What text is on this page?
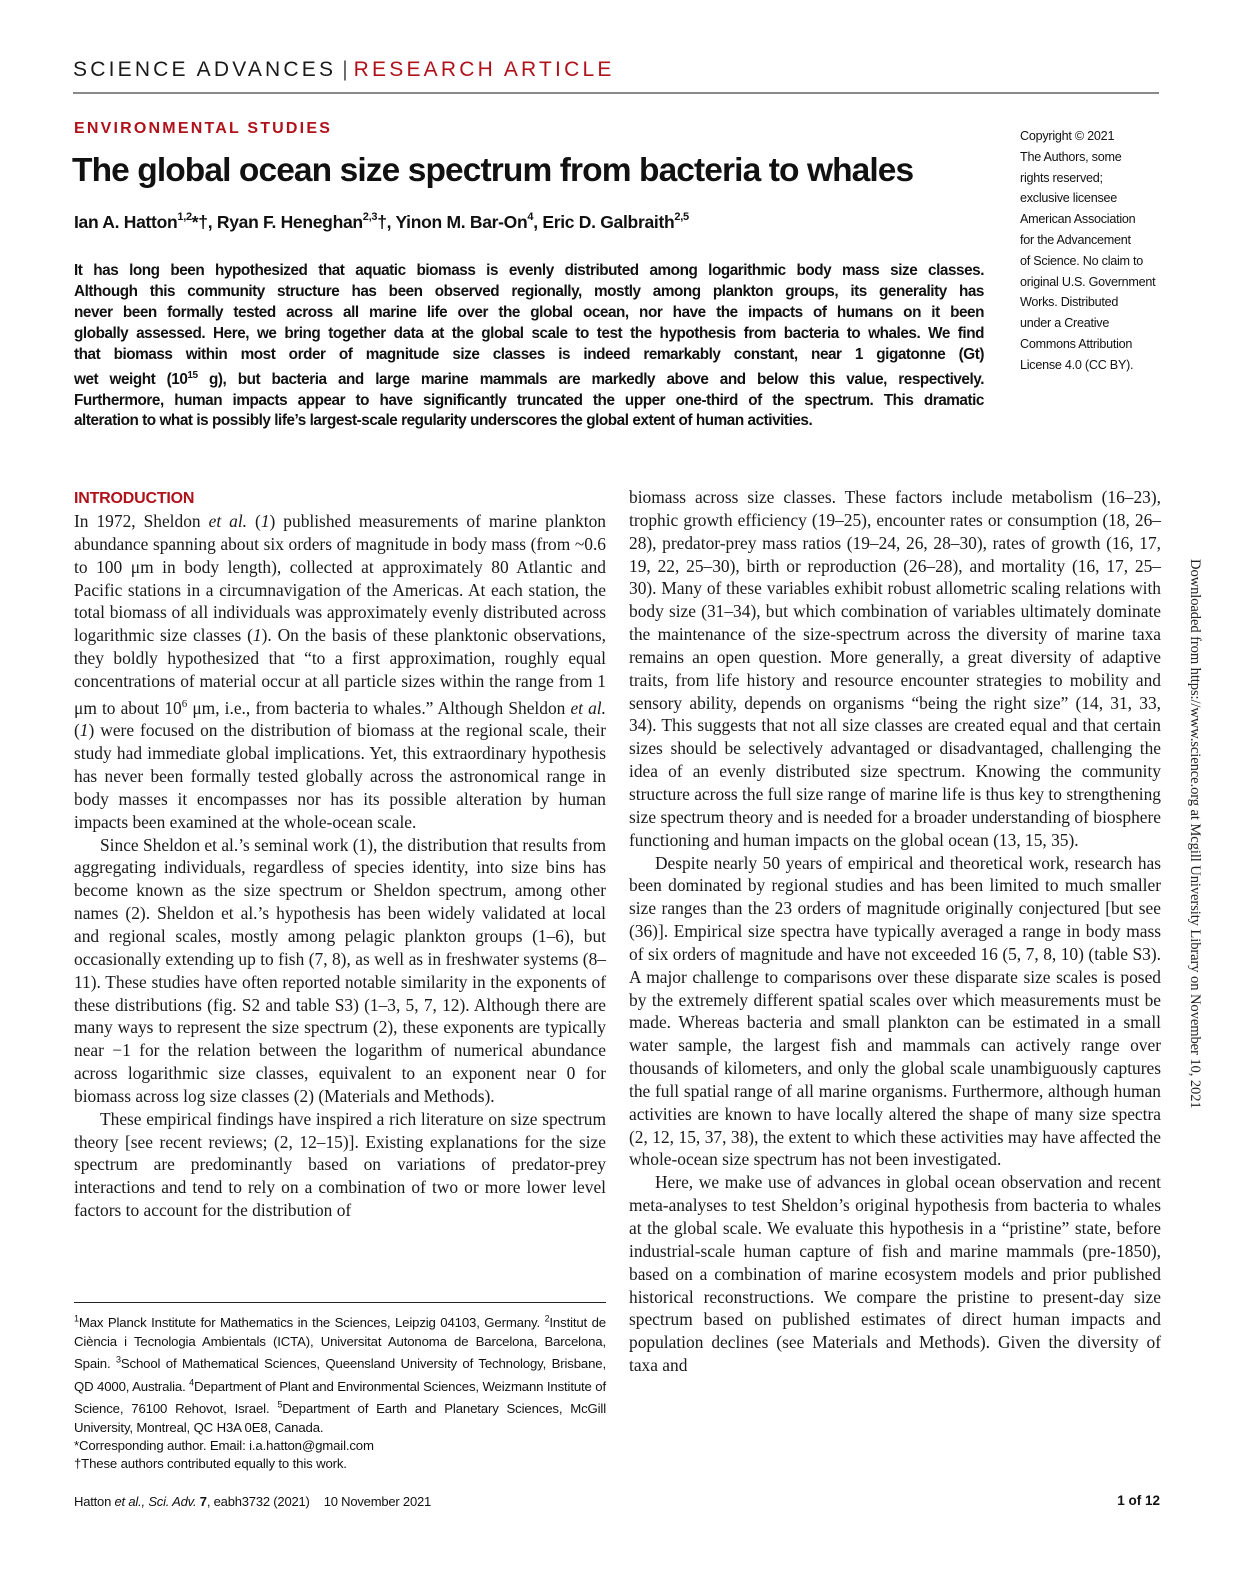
SCIENCE ADVANCES | RESEARCH ARTICLE
ENVIRONMENTAL STUDIES
The global ocean size spectrum from bacteria to whales
Ian A. Hatton$^{1,2}$*†, Ryan F. Heneghan$^{2,3}$†, Yinon M. Bar-On$^4$, Eric D. Galbraith$^{2,5}$
Copyright © 2021
The Authors, some
rights reserved;
exclusive licensee
American Association
for the Advancement
of Science. No claim to
original U.S. Government
Works. Distributed
under a Creative
Commons Attribution
License 4.0 (CC BY).
It has long been hypothesized that aquatic biomass is evenly distributed among logarithmic body mass size classes.
Although this community structure has been observed regionally, mostly among plankton groups, its generality has
never been formally tested across all marine life over the global ocean, nor have the impacts of humans on it been
globally assessed. Here, we bring together data at the global scale to test the hypothesis from bacteria to whales. We find
that biomass within most order of magnitude size classes is indeed remarkably constant, near 1 gigatonne (Gt)
wet weight ($10^{15}$ g), but bacteria and large marine mammals are markedly above and below this value, respectively.
Furthermore, human impacts appear to have significantly truncated the upper one-third of the spectrum. This dramatic
alteration to what is possibly life’s largest-scale regularity underscores the global extent of human activities.
INTRODUCTION

In 1972, Sheldon et al. (1) published measurements of marine plankton abundance spanning about six orders of magnitude in body mass (from ~0.6 to 100 μm in body length), collected at approximately 80 Atlantic and Pacific stations in a circumnavigation of the Americas. At each station, the total biomass of all individuals was approximately evenly distributed across logarithmic size classes (1). On the basis of these planktonic observations, they boldly hypothesized that “to a first approximation, roughly equal concentrations of material occur at all particle sizes within the range from 1 μm to about $10^6$ μm, i.e., from bacteria to whales.” Although Sheldon et al. (1) were focused on the distribution of biomass at the regional scale, their study had immediate global implications. Yet, this extraordinary hypothesis has never been formally tested globally across the astronomical range in body masses it encompasses nor has its possible alteration by human impacts been examined at the whole-ocean scale.

Since Sheldon et al.’s seminal work (1), the distribution that results from aggregating individuals, regardless of species identity, into size bins has become known as the size spectrum or Sheldon spectrum, among other names (2). Sheldon et al.’s hypothesis has been widely validated at local and regional scales, mostly among pelagic plankton groups (1–6), but occasionally extending up to fish (7, 8), as well as in freshwater systems (8–11). These studies have often reported notable similarity in the exponents of these distributions (fig. S2 and table S3) (1–3, 5, 7, 12). Although there are many ways to represent the size spectrum (2), these exponents are typically near −1 for the relation between the logarithm of numerical abundance across logarithmic size classes, equivalent to an exponent near 0 for biomass across log size classes (2) (Materials and Methods).

These empirical findings have inspired a rich literature on size spectrum theory [see recent reviews; (2, 12–15)]. Existing explanations for the size spectrum are predominantly based on variations of predator-prey interactions and tend to rely on a combination of two or more lower level factors to account for the distribution of

biomass across size classes. These factors include metabolism (16–23), trophic growth efficiency (19–25), encounter rates or consumption (18, 26–28), predator-prey mass ratios (19–24, 26, 28–30), rates of growth (16, 17, 19, 22, 25–30), birth or reproduction (26–28), and mortality (16, 17, 25–30). Many of these variables exhibit robust allometric scaling relations with body size (31–34), but which combination of variables ultimately dominate the maintenance of the size-spectrum across the diversity of marine taxa remains an open question. More generally, a great diversity of adaptive traits, from life history and resource encounter strategies to mobility and sensory ability, depends on organisms “being the right size” (14, 31, 33, 34). This suggests that not all size classes are created equal and that certain sizes should be selectively advantaged or disadvantaged, challenging the idea of an evenly distributed size spectrum. Knowing the community structure across the full size range of marine life is thus key to strengthening size spectrum theory and is needed for a broader understanding of biosphere functioning and human impacts on the global ocean (13, 15, 35).

Despite nearly 50 years of empirical and theoretical work, research has been dominated by regional studies and has been limited to much smaller size ranges than the 23 orders of magnitude originally conjectured [but see (36)]. Empirical size spectra have typically averaged a range in body mass of six orders of magnitude and have not exceeded 16 (5, 7, 8, 10) (table S3). A major challenge to comparisons over these disparate size scales is posed by the extremely different spatial scales over which measurements must be made. Whereas bacteria and small plankton can be estimated in a small water sample, the largest fish and mammals can actively range over thousands of kilometers, and only the global scale unambiguously captures the full spatial range of all marine organisms. Furthermore, although human activities are known to have locally altered the shape of many size spectra (2, 12, 15, 37, 38), the extent to which these activities may have affected the whole-ocean size spectrum has not been investigated.

Here, we make use of advances in global ocean observation and recent meta-analyses to test Sheldon’s original hypothesis from bacteria to whales at the global scale. We evaluate this hypothesis in a “pristine” state, before industrial-scale human capture of fish and marine mammals (pre-1850), based on a combination of marine ecosystem models and prior published historical reconstructions. We compare the pristine to present-day size spectrum based on published estimates of direct human impacts and population declines (see Materials and Methods). Given the diversity of taxa and

$^1$Max Planck Institute for Mathematics in the Sciences, Leipzig 04103, Germany. $^2$Institut de Ciència i Tecnologia Ambientals (ICTA), Universitat Autonoma de Barcelona, Barcelona, Spain. $^3$School of Mathematical Sciences, Queensland University of Technology, Brisbane, QD 4000, Australia. $^4$Department of Plant and Environmental Sciences, Weizmann Institute of Science, 76100 Rehovot, Israel. $^5$Department of Earth and Planetary Sciences, McGill University, Montreal, QC H3A 0E8, Canada.
*Corresponding author. Email: i.a.hatton@gmail.com
†These authors contributed equally to this work.
Hatton et al., Sci. Adv. 7, eabh3732 (2021) 10 November 2021	1 of 12
Downloaded from https://www.science.org at Mcgill University Library on November 10, 2021
